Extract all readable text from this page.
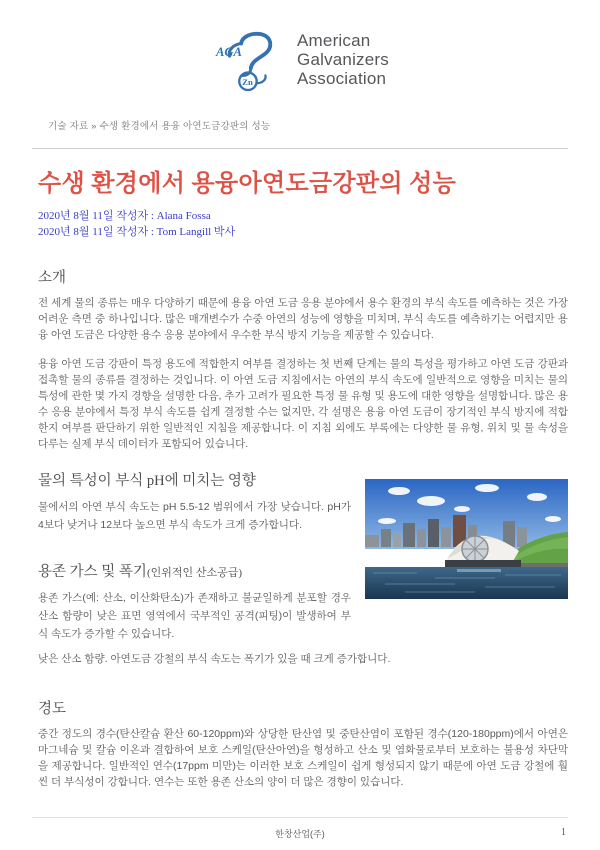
AGA
Zn
American
Galvanizers
Association
기술 자료 » 수생 환경에서 용융 아연도금강판의 성능
수생 환경에서 용융아연도금강판의 성능
2020년 8월 11일 작성자 : Alana Fossa
2020년 8월 11일 작성자 : Tom Langill 박사
소개

전 세계 물의 종류는 매우 다양하기 때문에 용융 아연 도금 응용 분야에서 용수 환경의 부식 속도를 예측하는 것은 가장 어려운 측면 중 하나입니다. 많은 매개변수가 수중 아연의 성능에 영향을 미치며, 부식 속도를 예측하기는 어렵지만 용융 아연 도금은 다양한 용수 응용 분야에서 우수한 부식 방지 기능을 제공할 수 있습니다.

용융 아연 도금 강판이 특정 용도에 적합한지 여부를 결정하는 첫 번째 단계는 물의 특성을 평가하고 아연 도금 강판과 접촉할 물의 종류를 결정하는 것입니다. 이 아연 도금 지침에서는 아연의 부식 속도에 일반적으로 영향을 미치는 물의 특성에 관한 몇 가지 경향을 설명한 다음, 추가 고려가 필요한 특정 물 유형 및 용도에 대한 영향을 설명합니다. 많은 용수 응용 분야에서 특정 부식 속도를 쉽게 결정할 수는 없지만, 각 설명은 용융 아연 도금이 장기적인 부식 방지에 적합한지 여부를 판단하기 위한 일반적인 지침을 제공합니다. 이 지침 외에도 부록에는 다양한 물 유형, 위치 및 물 속성을 다루는 실제 부식 데이터가 포함되어 있습니다.

물의 특성이 부식 pH에 미치는 영향

물에서의 아연 부식 속도는 pH 5.5-12 범위에서 가장 낮습니다. pH가 4보다 낮거나 12보다 높으면 부식 속도가 크게 증가합니다.

용존 가스 및 폭기(인위적인 산소공급)

용존 가스(예: 산소, 이산화탄소)가 존재하고 불균일하게 분포할 경우 산소 함량이 낮은 표면 영역에서 국부적인 공격(피팅)이 발생하여 부식 속도가 증가할 수 있습니다.

낮은 산소 함량. 아연도금 강철의 부식 속도는 폭기가 있을 때 크게 증가합니다.

경도

중간 정도의 경수(탄산칼슘 환산 60-120ppm)와 상당한 탄산염 및 중탄산염이 포함된 경수(120-180ppm)에서 아연은 마그네슘 및 칼슘 이온과 결합하여 보호 스케일(탄산아연)을 형성하고 산소 및 염화물로부터 보호하는 불용성 차단막을 제공합니다. 일반적인 연수(17ppm 미만)는 이러한 보호 스케일이 쉽게 형성되지 않기 때문에 아연 도금 강철에 훨씬 더 부식성이 강합니다. 연수는 또한 용존 산소의 양이 더 많은 경향이 있습니다.

한창산업(주)	1
